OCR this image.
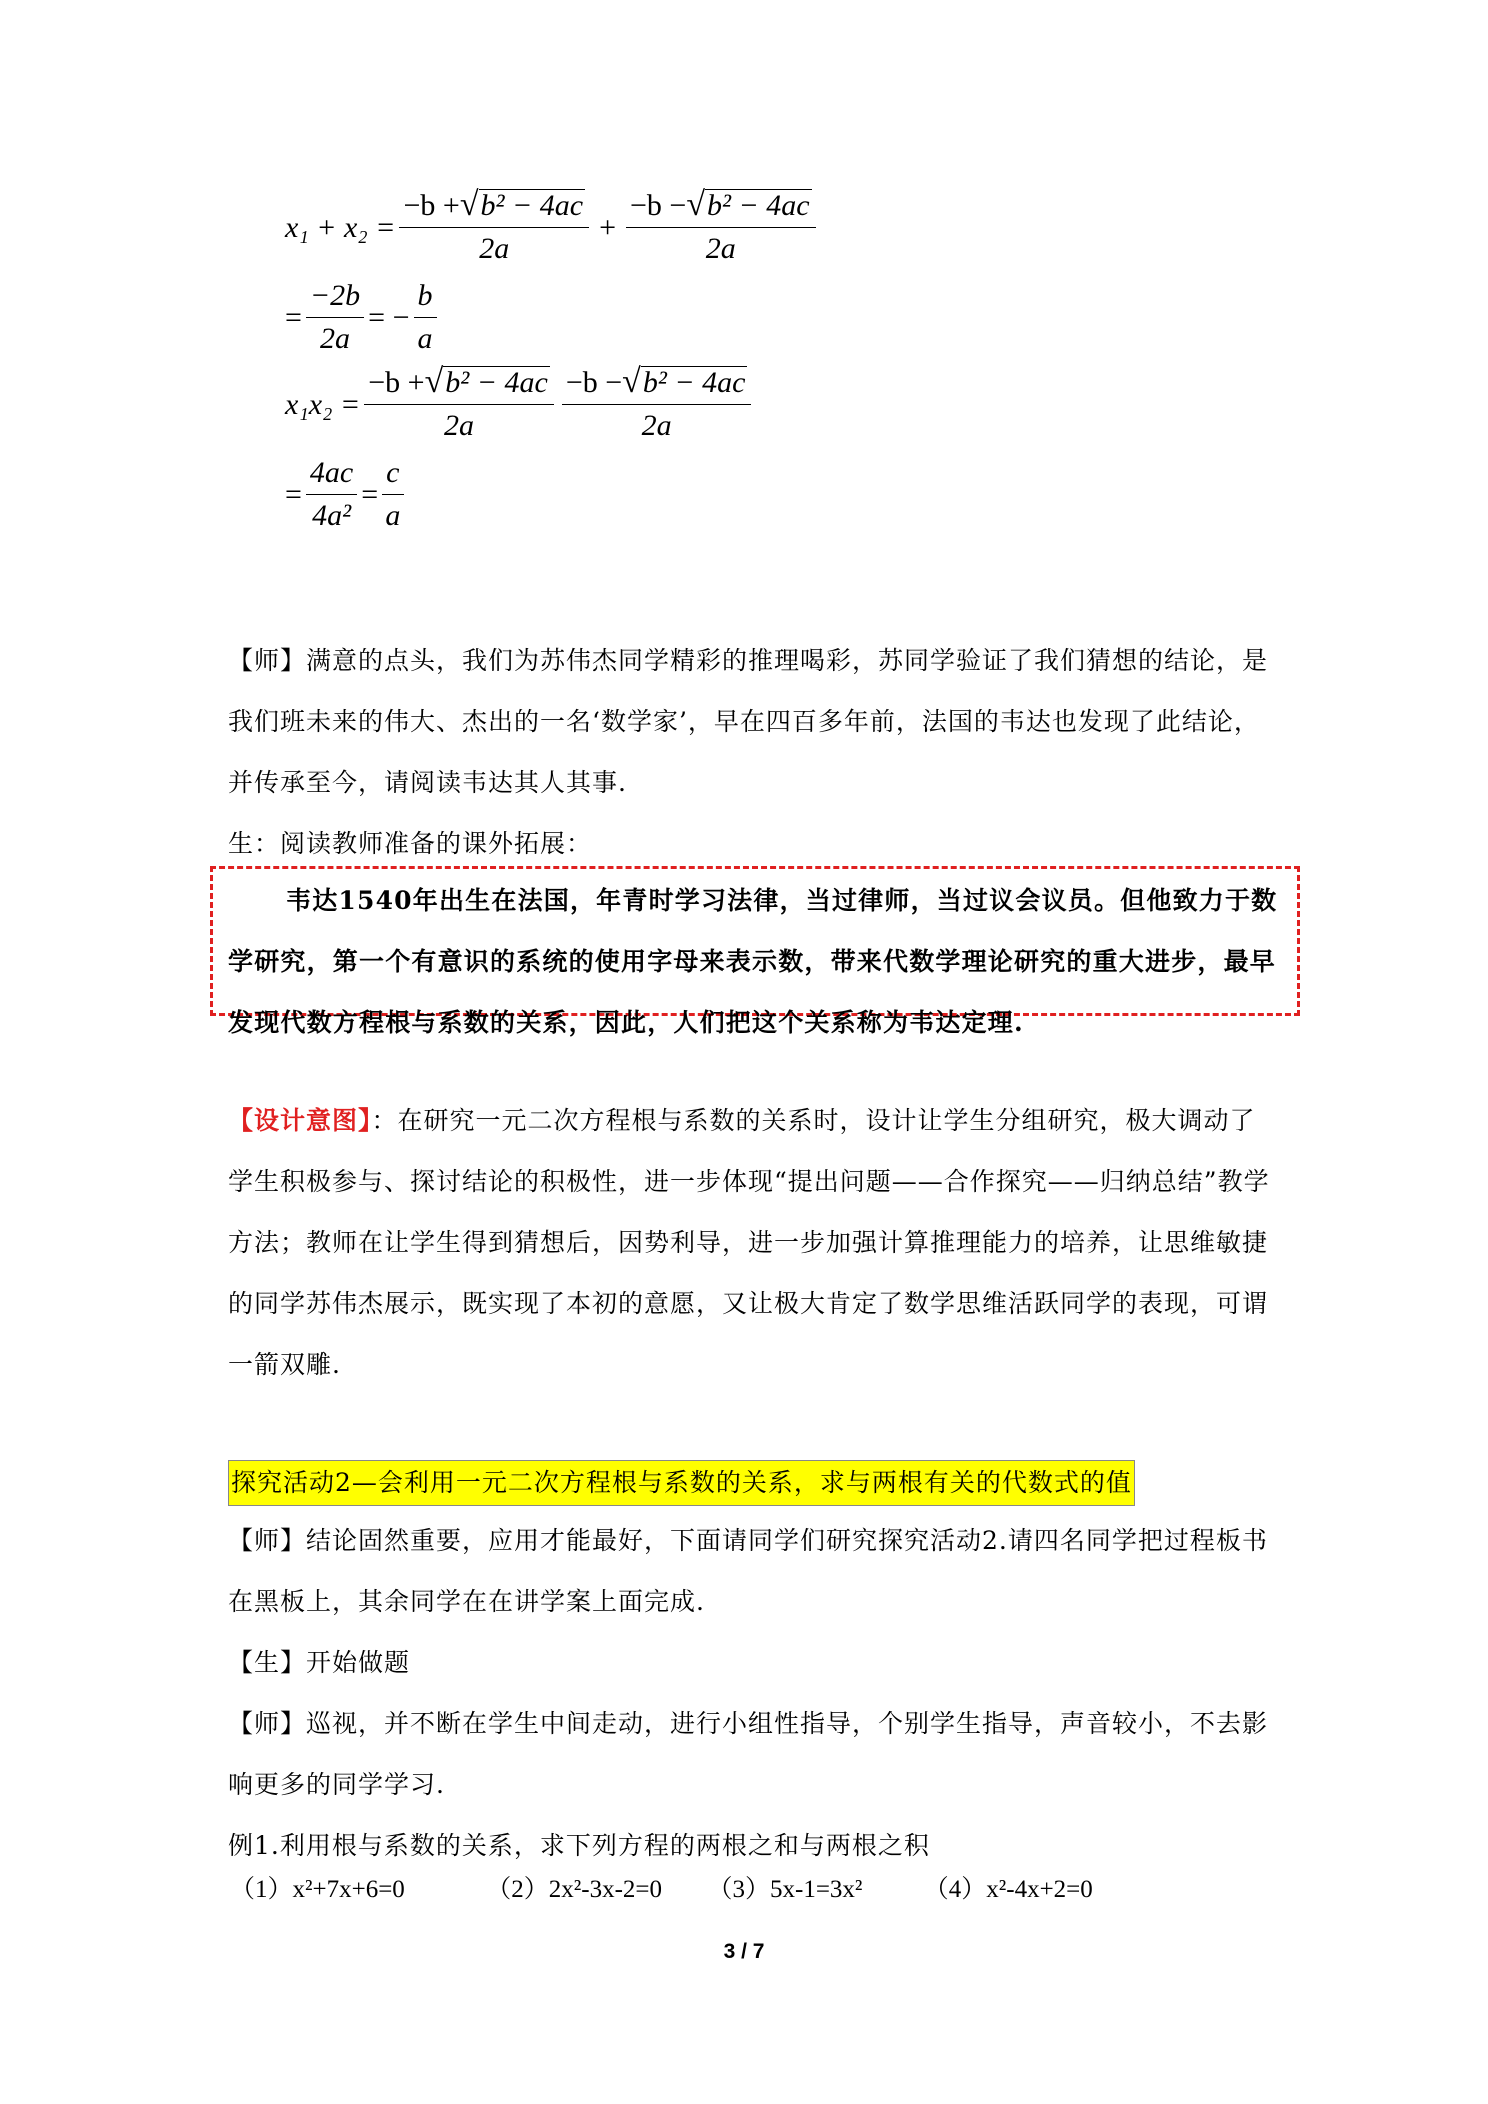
$x_1 + x_2 = \frac{\text{−b + √ b² − 4ac}}{2a} + \frac{\text{−b − √ b² − 4ac}}{2a}$
= $\frac{-2b}{2a}$ = − $\frac{b}{a}$
$x_1x_2 = \frac{\text{−b + √ b² − 4ac}}{2a} \frac{\text{−b − √ b² − 4ac}}{2a}$
= $\frac{4ac}{\text{4a²}} = \frac{c}{a}$

【师】满意的点头，我们为苏伟杰同学精彩的推理喝彩，苏同学验证了我们猜想的结论，是我们班未来的伟大、杰出的一名‘数学家’，早在四百多年前，法国的韦达也发现了此结论，并传承至今，请阅读韦达其人其事.

生：阅读教师准备的课外拓展：

韦达1540年出生在法国，年青时学习法律，当过律师，当过议会议员。但他致力于数学研究，第一个有意识的系统的使用字母来表示数，带来代数学理论研究的重大进步，最早发现代数方程根与系数的关系，因此，人们把这个关系称为韦达定理.

【设计意图】：在研究一元二次方程根与系数的关系时，设计让学生分组研究，极大调动了学生积极参与、探讨结论的积极性，进一步体现“提出问题——合作探究——归纳总结”教学方法；教师在让学生得到猜想后，因势利导，进一步加强计算推理能力的培养，让思维敏捷的同学苏伟杰展示，既实现了本初的意愿，又让极大肯定了数学思维活跃同学的表现，可谓一箭双雕.

探究活动2—会利用一元二次方程根与系数的关系，求与两根有关的代数式的值

【师】结论固然重要，应用才能最好，下面请同学们研究探究活动2.请四名同学把过程板书在黑板上，其余同学在在讲学案上面完成.

【生】开始做题

【师】巡视，并不断在学生中间走动，进行小组性指导，个别学生指导，声音较小，不去影响更多的同学学习.

例1.利用根与系数的关系，求下列方程的两根之和与两根之积

（1）x²+7x+6=0	（2）2x²-3x-2=0 （3）5x-1=3x² （4）x²-4x+2=0
3 / 7
